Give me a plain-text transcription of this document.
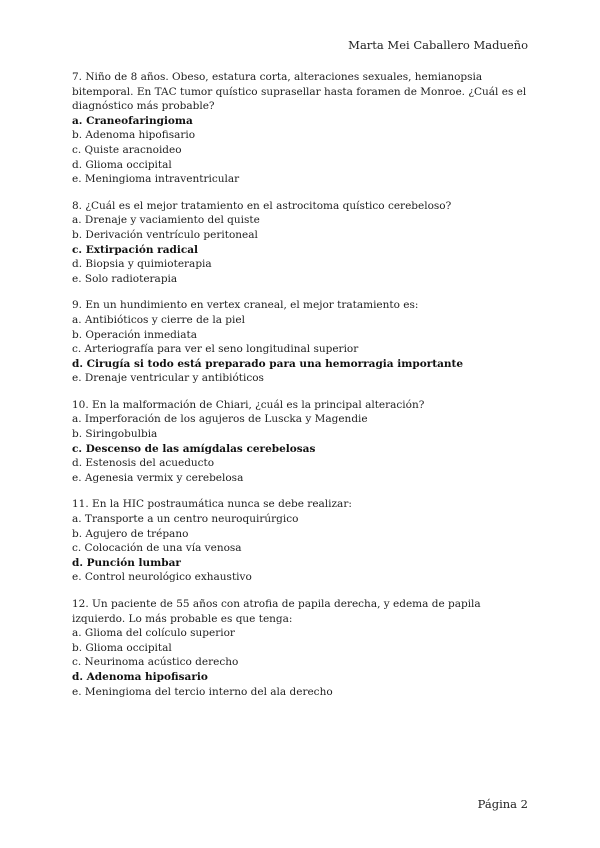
Marta Mei Caballero Madueño

7. Niño de 8 años. Obeso, estatura corta, alteraciones sexuales, hemianopsia bitemporal. En TAC tumor quístico suprasellar hasta foramen de Monroe. ¿Cuál es el diagnóstico más probable?

a. Craneofaringioma

b. Adenoma hipofisario

c. Quiste aracnoideo

d. Glioma occipital

e. Meningioma intraventricular

8. ¿Cuál es el mejor tratamiento en el astrocitoma quístico cerebeloso?

a. Drenaje y vaciamiento del quiste

b. Derivación ventrículo peritoneal

c. Extirpación radical

d. Biopsia y quimioterapia

e. Solo radioterapia

9. En un hundimiento en vertex craneal, el mejor tratamiento es:

a. Antibióticos y cierre de la piel

b. Operación inmediata

c. Arteriografía para ver el seno longitudinal superior

d. Cirugía si todo está preparado para una hemorragia importante

e. Drenaje ventricular y antibióticos

10. En la malformación de Chiari, ¿cuál es la principal alteración?

a. Imperforación de los agujeros de Luscka y Magendie

b. Siringobulbia

c. Descenso de las amígdalas cerebelosas

d. Estenosis del acueducto

e. Agenesia vermix y cerebelosa

11. En la HIC postraumática nunca se debe realizar:

a. Transporte a un centro neuroquirúrgico

b. Agujero de trépano

c. Colocación de una vía venosa

d. Punción lumbar

e. Control neurológico exhaustivo

12. Un paciente de 55 años con atrofia de papila derecha, y edema de papila izquierdo. Lo más probable es que tenga:

a. Glioma del colículo superior

b. Glioma occipital

c. Neurinoma acústico derecho

d. Adenoma hipofisario

e. Meningioma del tercio interno del ala derecho

Página 2
